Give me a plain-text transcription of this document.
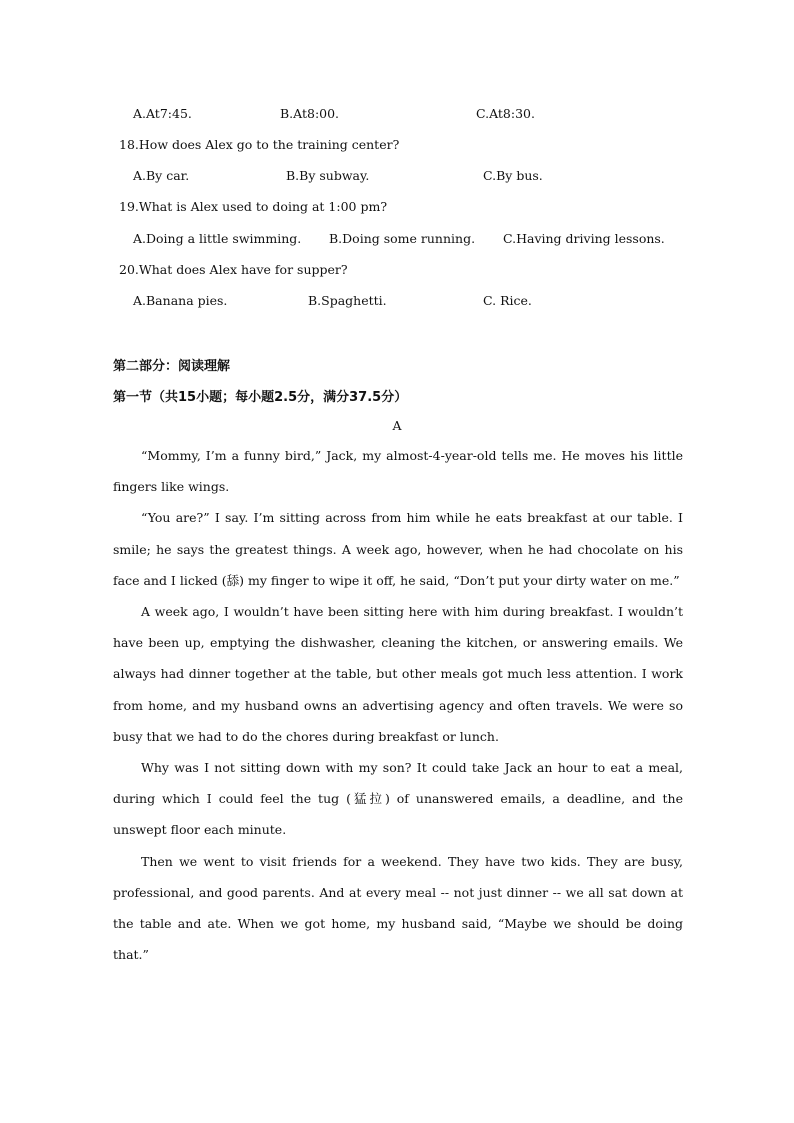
A.At7:45.	B.At8:00.	C.At8:30.
18.How does Alex go to the training center?
A.By car.	B.By subway.	C.By bus.
19.What is Alex used to doing at 1:00 pm?
A.Doing a little swimming. B.Doing some running. C.Having driving lessons.
20.What does Alex have for supper?
A.Banana pies.	B.Spaghetti.	C. Rice.
第二部分：阅读理解
第一节（共15小题；每小题2.5分，满分37.5分）
A

“Mommy, I’m a funny bird,” Jack, my almost-4-year-old tells me. He moves his little fingers like wings.

“You are?” I say. I’m sitting across from him while he eats breakfast at our table. I smile; he says the greatest things. A week ago, however, when he had chocolate on his face and I licked (舔) my finger to wipe it off, he said, “Don’t put your dirty water on me.”

A week ago, I wouldn’t have been sitting here with him during breakfast. I wouldn’t have been up, emptying the dishwasher, cleaning the kitchen, or answering emails. We always had dinner together at the table, but other meals got much less attention. I work from home, and my husband owns an advertising agency and often travels. We were so busy that we had to do the chores during breakfast or lunch.

Why was I not sitting down with my son? It could take Jack an hour to eat a meal, during which I could feel the tug (猛拉) of unanswered emails, a deadline, and the unswept floor each minute.

Then we went to visit friends for a weekend. They have two kids. They are busy, professional, and good parents. And at every meal -- not just dinner -- we all sat down at the table and ate. When we got home, my husband said, “Maybe we should be doing that.”
